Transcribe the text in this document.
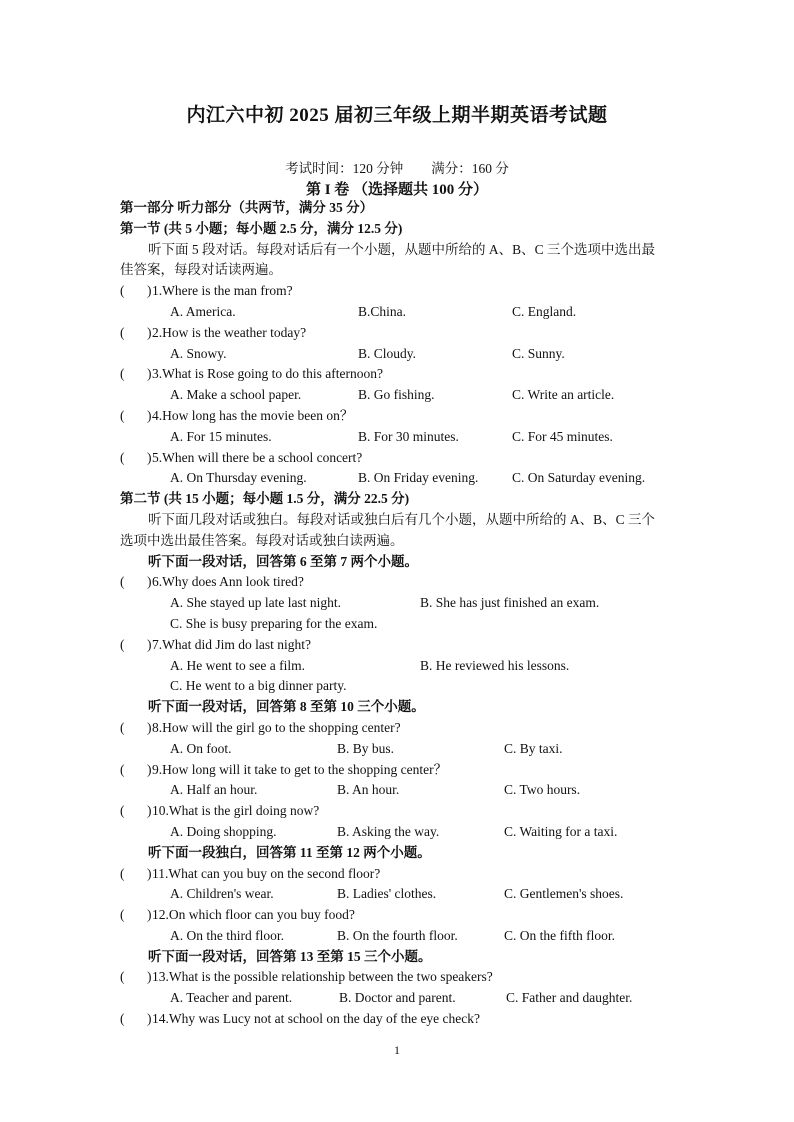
内江六中初 2025 届初三年级上期半期英语考试题
考试时间：120 分钟 满分：160 分
第 I 卷 （选择题共 100 分）
第一部分 听力部分（共两节，满分 35 分）
第一节 (共 5 小题；每小题 2.5 分，满分 12.5 分)
听下面 5 段对话。每段对话后有一个小题，从题中所给的 A、B、C 三个选项中选出最
佳答案，每段对话读两遍。
( ) 1.Where is the man from?
A. America.	B.China.	C. England.
( ) 2.How is the weather today?
A. Snowy.	B. Cloudy.	C. Sunny.
( ) 3.What is Rose going to do this afternoon?
A. Make a school paper.	B. Go fishing.	C. Write an article.
( ) 4.How long has the movie been on？
A. For 15 minutes.	B. For 30 minutes.	C. For 45 minutes.
( ) 5.When will there be a school concert?
A. On Thursday evening.	B. On Friday evening. C. On Saturday evening.
第二节 (共 15 小题；每小题 1.5 分，满分 22.5 分)
听下面几段对话或独白。每段对话或独白后有几个小题，从题中所给的 A、B、C 三个
选项中选出最佳答案。每段对话或独白读两遍。
听下面一段对话，回答第 6 至第 7 两个小题。
( ) 6.Why does Ann look tired?
A. She stayed up late last night.	B. She has just finished an exam.
C. She is busy preparing for the exam.
( ) 7.What did Jim do last night?
A. He went to see a film.	B. He reviewed his lessons.
C. He went to a big dinner party.
听下面一段对话，回答第 8 至第 10 三个小题。
( ) 8.How will the girl go to the shopping center?
A. On foot.	B. By bus.	C. By taxi.
( ) 9.How long will it take to get to the shopping center？
A. Half an hour.	B. An hour.	C. Two hours.
( ) 10.What is the girl doing now?
A. Doing shopping.	B. Asking the way.	C. Waiting for a taxi.
听下面一段独白，回答第 11 至第 12 两个小题。
( ) 11.What can you buy on the second floor?
A. Children's wear.	B. Ladies' clothes.	C. Gentlemen's shoes.
( ) 12.On which floor can you buy food?
A. On the third floor.	B. On the fourth floor.	C. On the fifth floor.
听下面一段对话，回答第 13 至第 15 三个小题。
( ) 13.What is the possible relationship between the two speakers?
A. Teacher and parent.	B. Doctor and parent.	C. Father and daughter.
( ) 14.Why was Lucy not at school on the day of the eye check?
1
